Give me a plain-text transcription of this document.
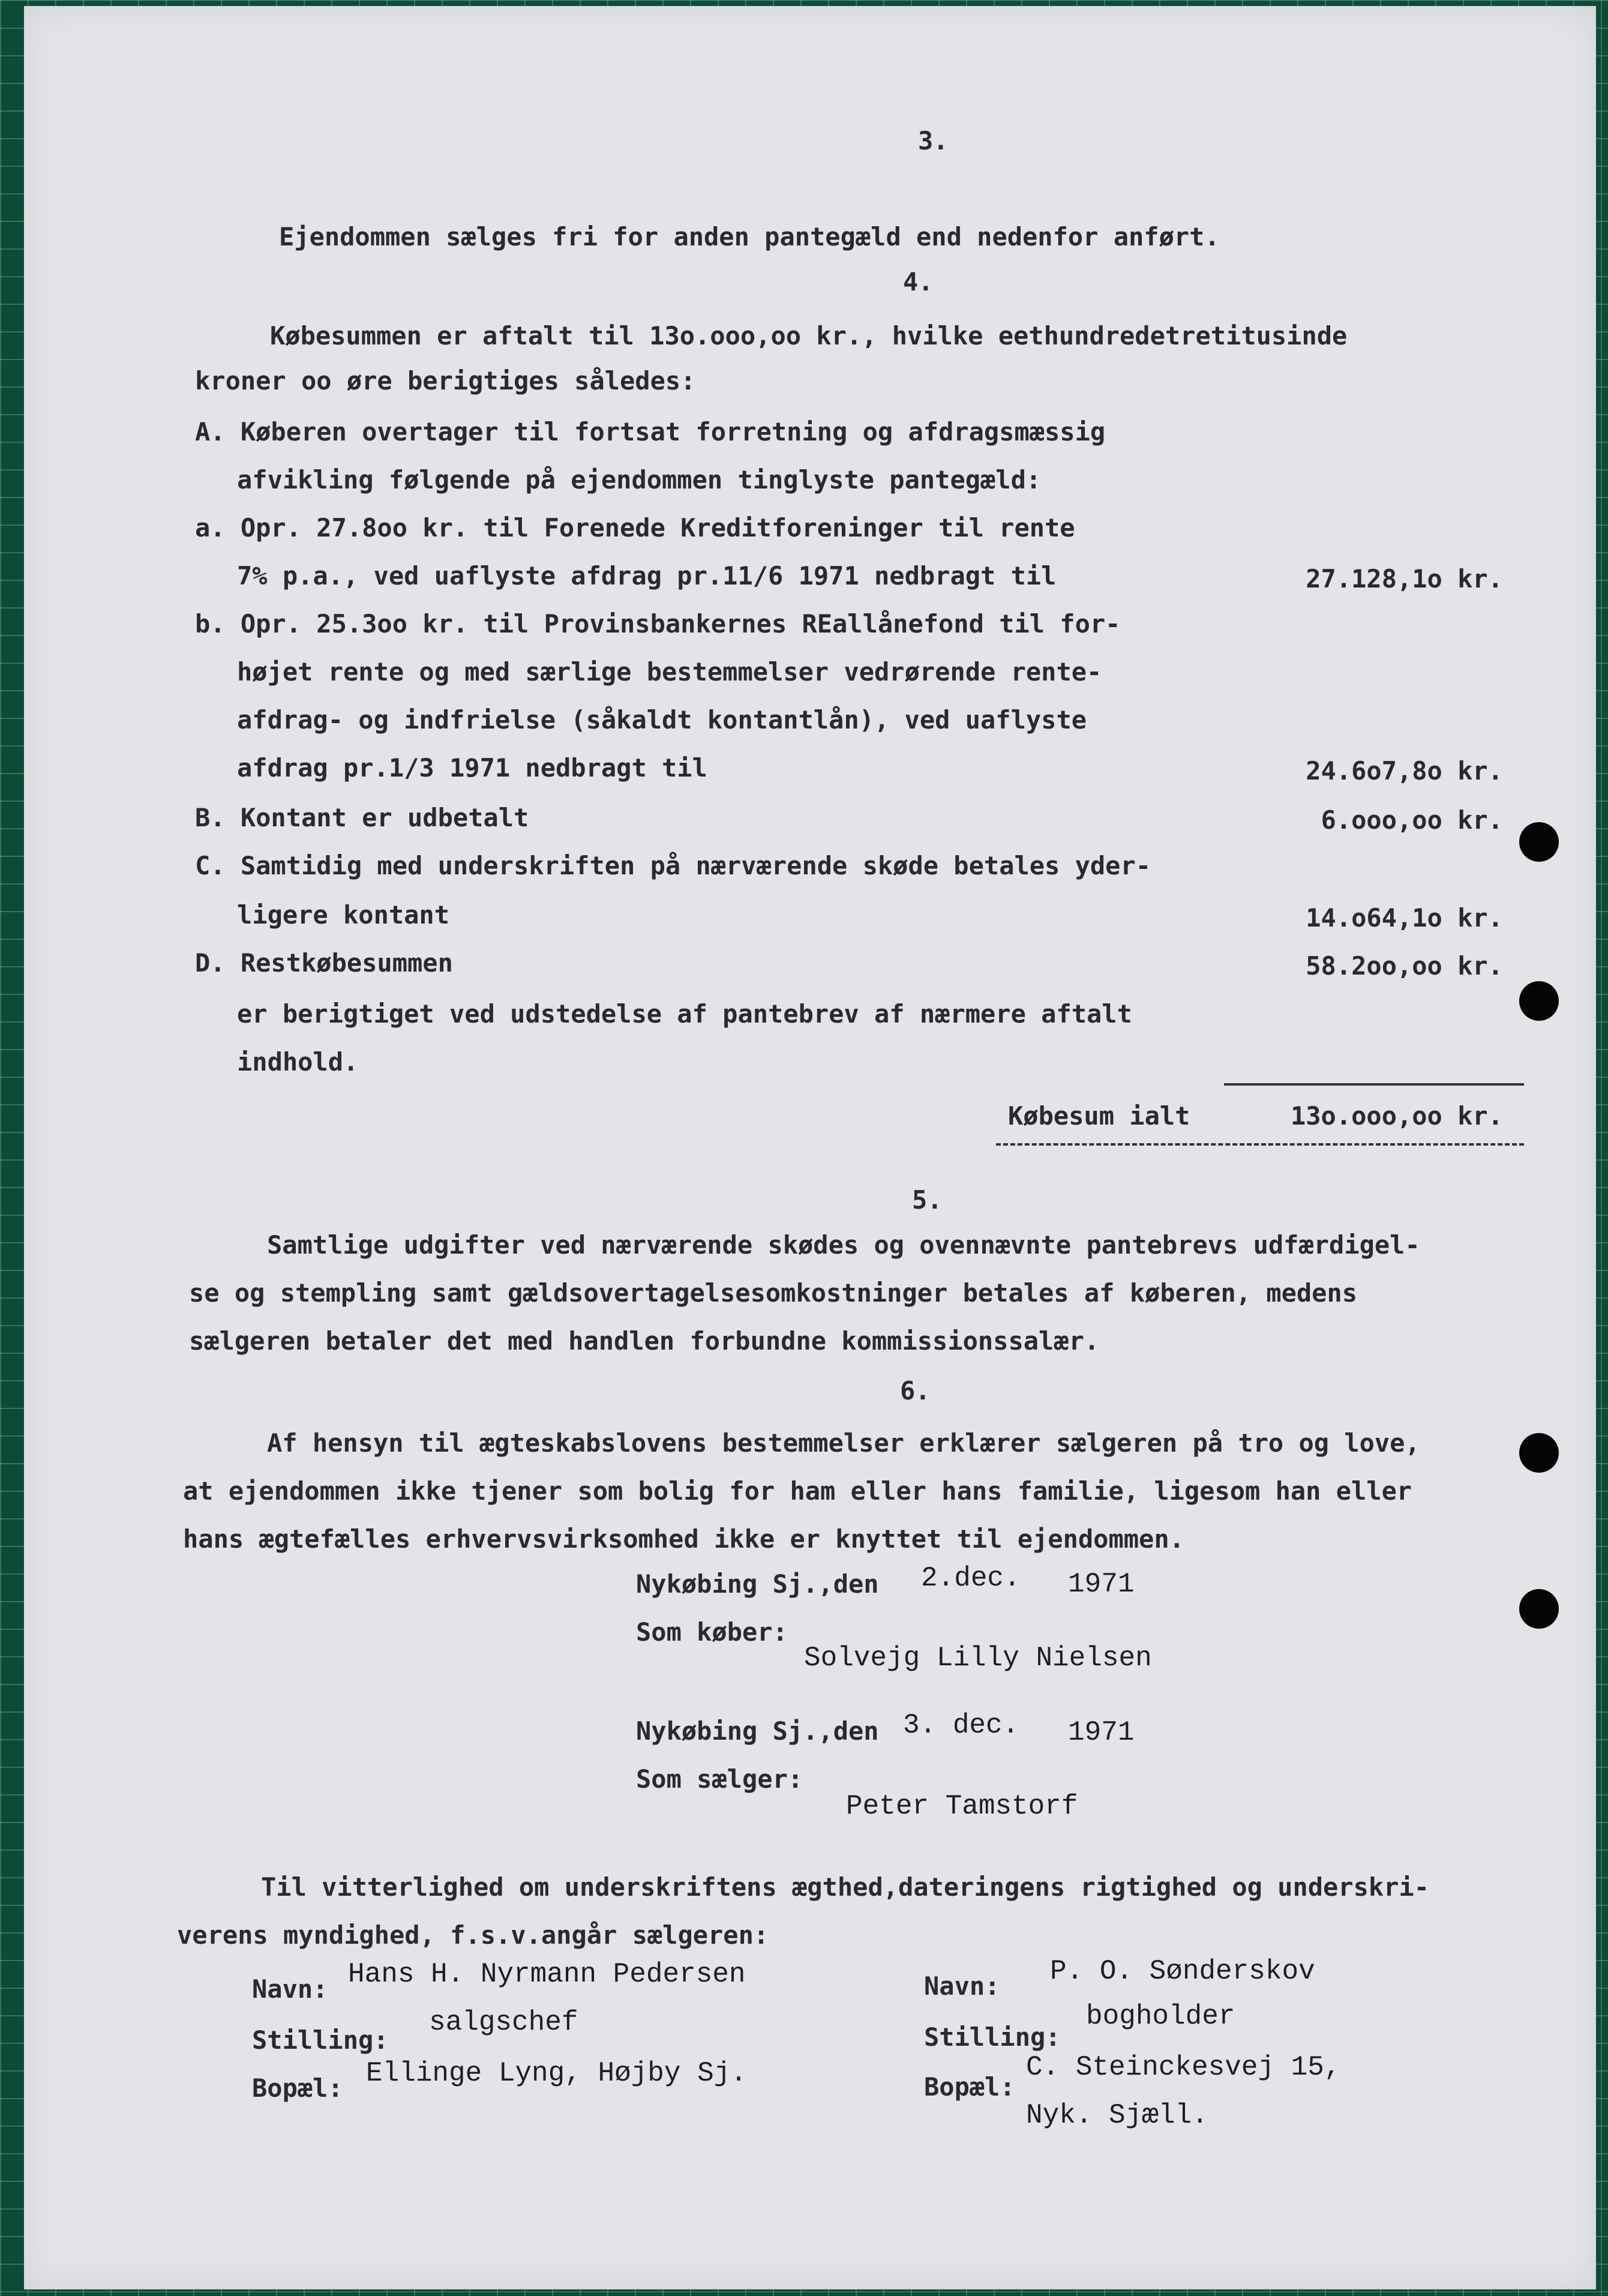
3.
Ejendommen sælges fri for anden pantegæld end nedenfor anført.
4.
Købesummen er aftalt til 13o.ooo,oo kr., hvilke eethundredetretitusinde
kroner oo øre berigtiges således:
A. Køberen overtager til fortsat forretning og afdragsmæssig
afvikling følgende på ejendommen tinglyste pantegæld:
a. Opr. 27.8oo kr. til Forenede Kreditforeninger til rente
7% p.a., ved uaflyste afdrag pr.11/6 1971 nedbragt til	27.128,1o kr.
b. Opr. 25.3oo kr. til Provinsbankernes REallånefond til for-
højet rente og med særlige bestemmelser vedrørende rente-
afdrag- og indfrielse (såkaldt kontantlån), ved uaflyste
afdrag pr.1/3 1971 nedbragt til	24.6o7,8o kr.
B. Kontant er udbetalt	6.ooo,oo kr.
C. Samtidig med underskriften på nærværende skøde betales yder-
ligere kontant	14.o64,1o kr.
D. Restkøbesummen	58.2oo,oo kr.
er berigtiget ved udstedelse af pantebrev af nærmere aftalt
indhold.
Købesum ialt	13o.ooo,oo kr.
5.
Samtlige udgifter ved nærværende skødes og ovennævnte pantebrevs udfærdigel-
se og stempling samt gældsovertagelsesomkostninger betales af køberen, medens
sælgeren betaler det med handlen forbundne kommissionssalær.
6.
Af hensyn til ægteskabslovens bestemmelser erklærer sælgeren på tro og love,
at ejendommen ikke tjener som bolig for ham eller hans familie, ligesom han eller
hans ægtefælles erhvervsvirksomhed ikke er knyttet til ejendommen.
Nykøbing Sj.,den 2.dec. 1971
Som køber:
Solvejg Lilly Nielsen
Nykøbing Sj.,den 3. dec. 1971
Som sælger:
Peter Tamstorf
Til vitterlighed om underskriftens ægthed,dateringens rigtighed og underskri-
verens myndighed, f.s.v.angår sælgeren:
Navn: Hans H. Nyrmann Pedersen
Stilling:
salgschef
Bopæl: Ellinge Lyng, Højby Sj.
Navn: P. O. Sønderskov
Stilling:
bogholder
Bopæl:
C. Steinckesvej 15,
Nyk. Sjæll.
